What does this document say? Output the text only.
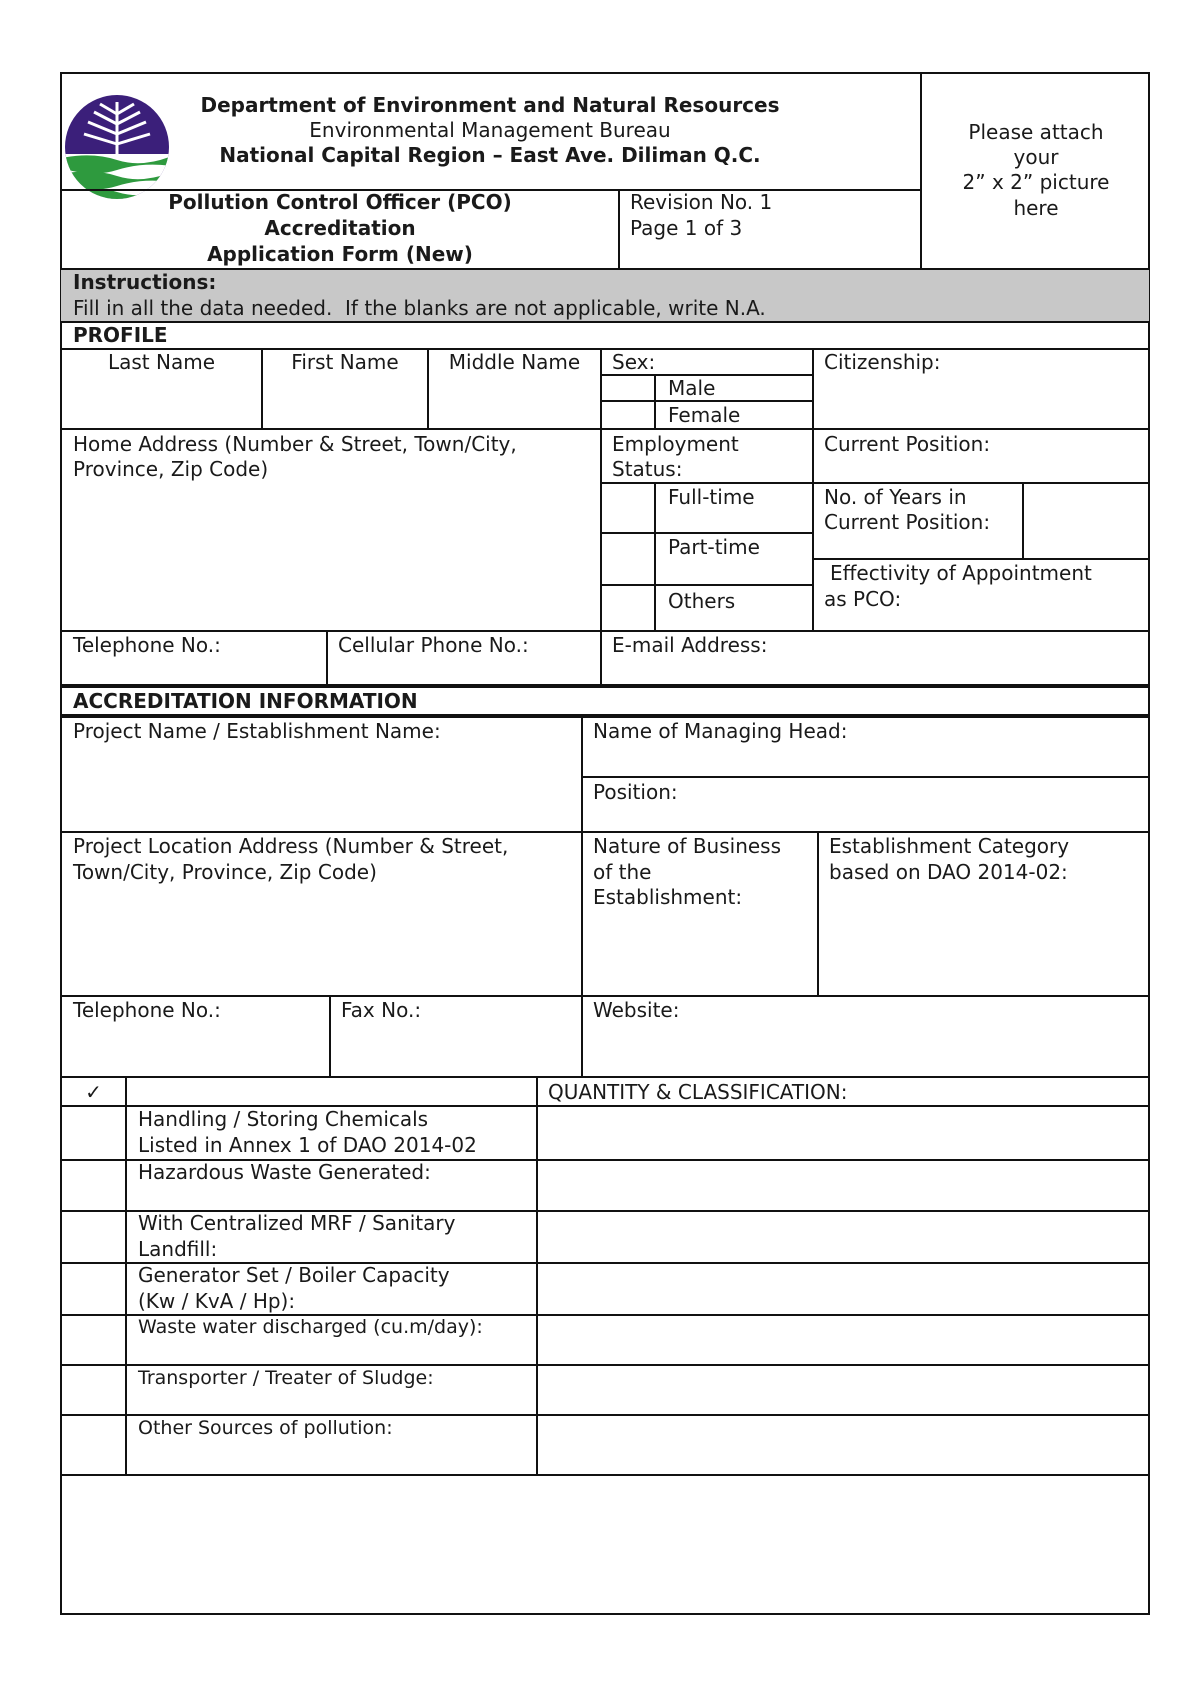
Department of Environment and Natural Resources
Environmental Management Bureau
National Capital Region – East Ave. Diliman Q.C.
Pollution Control Officer (PCO)
Accreditation
Application Form (New)
Revision No. 1
Page 1 of 3
Please attach
your
2” x 2” picture
here
Instructions:
Fill in all the data needed.  If the blanks are not applicable, write N.A.
PROFILE
Last Name	First Name	Middle Name	Sex:
Male
Female
Citizenship:
Home Address (Number & Street, Town/City,
Province, Zip Code)
Employment
Status:
Current Position:
Full-time
Part-time
Others
No. of Years in
Current Position:
Effectivity of Appointment
as PCO:
Telephone No.:	Cellular Phone No.:	E-mail Address:
ACCREDITATION INFORMATION
Project Name / Establishment Name:	Name of Managing Head:
Position:
Project Location Address (Number & Street,
Town/City, Province, Zip Code)
Nature of Business
of the
Establishment:
Establishment Category
based on DAO 2014-02:
Telephone No.:	Fax No.:	Website:
✓	QUANTITY & CLASSIFICATION:
Handling / Storing Chemicals
Listed in Annex 1 of DAO 2014-02
Hazardous Waste Generated:
With Centralized MRF / Sanitary
Landfill:
Generator Set / Boiler Capacity
(Kw / KvA / Hp):
Waste water discharged (cu.m/day):
Transporter / Treater of Sludge:
Other Sources of pollution:
